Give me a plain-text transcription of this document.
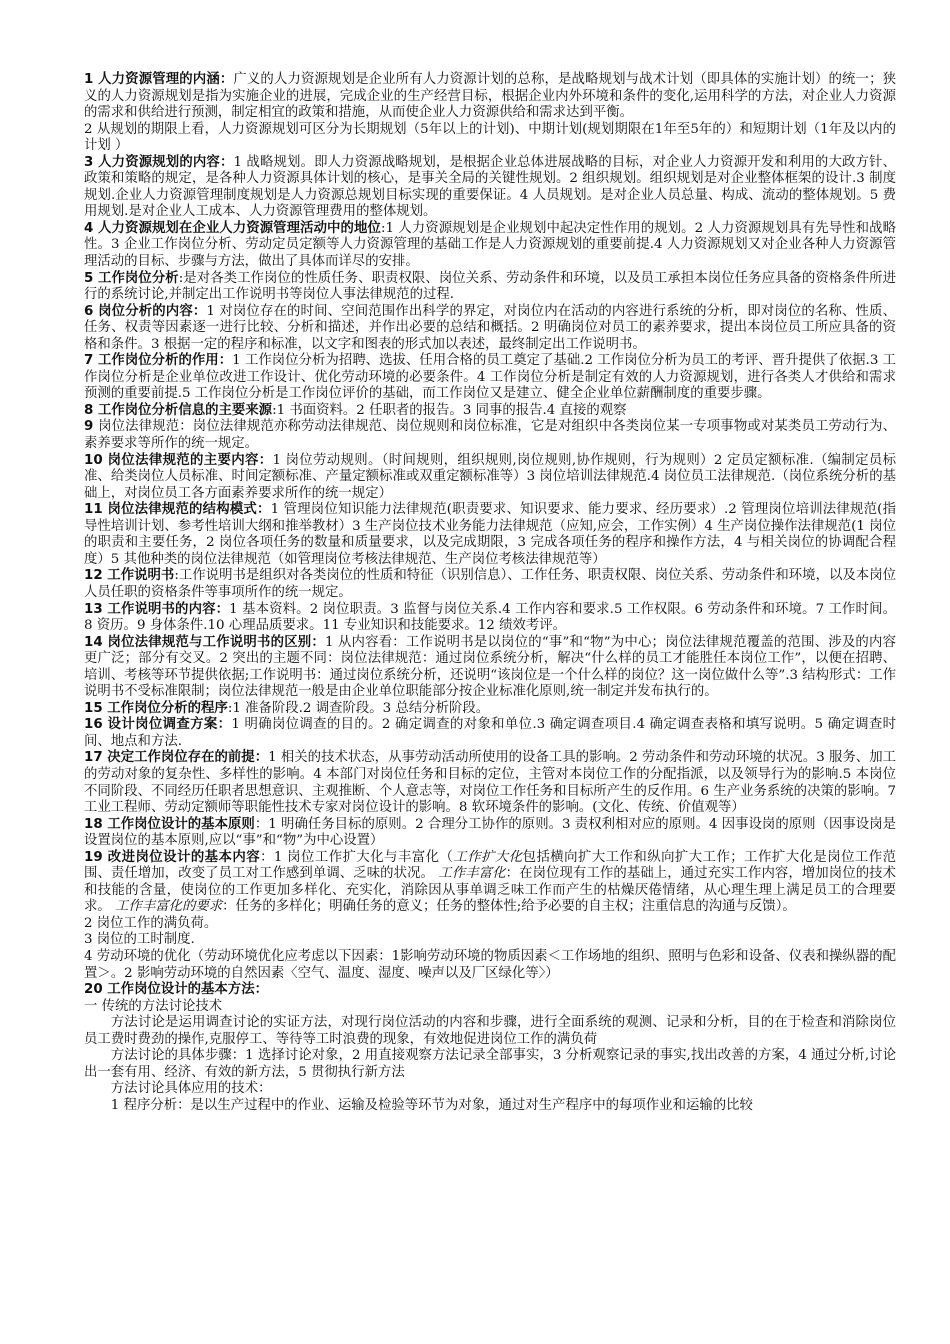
1 人力资源管理的内涵：广义的人力资源规划是企业所有人力资源计划的总称，是战略规划与战术计划（即具体的实施计划）的统一；狭义的人力资源规划是指为实施企业的进展，完成企业的生产经营目标，根据企业内外环境和条件的变化,运用科学的方法，对企业人力资源的需求和供给进行预测，制定相宜的政策和措施，从而使企业人力资源供给和需求达到平衡。

2 从规划的期限上看，人力资源规划可区分为长期规划（5年以上的计划)、中期计划(规划期限在1年至5年的）和短期计划（1年及以内的计划 ）

3 人力资源规划的内容：1 战略规划。即人力资源战略规划，是根据企业总体进展战略的目标，对企业人力资源开发和利用的大政方针、政策和策略的规定，是各种人力资源具体计划的核心，是事关全局的关键性规划。2 组织规划。组织规划是对企业整体框架的设计.3 制度规划.企业人力资源管理制度规划是人力资源总规划目标实现的重要保证。4 人员规划。是对企业人员总量、构成、流动的整体规划。5 费用规划.是对企业人工成本、人力资源管理费用的整体规划。

4 人力资源规划在企业人力资源管理活动中的地位:1 人力资源规划是企业规划中起决定性作用的规划。2 人力资源规划具有先导性和战略性。3 企业工作岗位分析、劳动定员定额等人力资源管理的基础工作是人力资源规划的重要前提.4 人力资源规划又对企业各种人力资源管理活动的目标、步骤与方法，做出了具体而详尽的安排。

5 工作岗位分析:是对各类工作岗位的性质任务、职责权限、岗位关系、劳动条件和环境，以及员工承担本岗位任务应具备的资格条件所进行的系统讨论,并制定出工作说明书等岗位人事法律规范的过程.

6 岗位分析的内容：1 对岗位存在的时间、空间范围作出科学的界定，对岗位内在活动的内容进行系统的分析，即对岗位的名称、性质、任务、权责等因素逐一进行比较、分析和描述，并作出必要的总结和概括。2 明确岗位对员工的素养要求，提出本岗位员工所应具备的资格和条件。3 根据一定的程序和标准，以文字和图表的形式加以表述，最终制定出工作说明书。

7 工作岗位分析的作用：1 工作岗位分析为招聘、选拔、任用合格的员工奠定了基础.2 工作岗位分析为员工的考评、晋升提供了依据.3 工作岗位分析是企业单位改进工作设计、优化劳动环境的必要条件。4 工作岗位分析是制定有效的人力资源规划，进行各类人才供给和需求预测的重要前提.5 工作岗位分析是工作岗位评价的基础，而工作岗位又是建立、健全企业单位薪酬制度的重要步骤。

8 工作岗位分析信息的主要来源:1 书面资料。2 任职者的报告。3 同事的报告.4 直接的观察

9 岗位法律规范：岗位法律规范亦称劳动法律规范、岗位规则和岗位标准，它是对组织中各类岗位某一专项事物或对某类员工劳动行为、素养要求等所作的统一规定。

10 岗位法律规范的主要内容：1 岗位劳动规则。（时间规则，组织规则,岗位规则,协作规则，行为规则）2 定员定额标准.（编制定员标准、给类岗位人员标准、时间定额标准、产量定额标准或双重定额标准等）3 岗位培训法律规范.4 岗位员工法律规范.（岗位系统分析的基础上，对岗位员工各方面素养要求所作的统一规定）

11 岗位法律规范的结构模式：1 管理岗位知识能力法律规范(职责要求、知识要求、能力要求、经历要求）.2 管理岗位培训法律规范(指导性培训计划、参考性培训大纲和推举教材）3 生产岗位技术业务能力法律规范（应知,应会，工作实例）4 生产岗位操作法律规范(1 岗位的职责和主要任务，2 岗位各项任务的数量和质量要求，以及完成期限，3 完成各项任务的程序和操作方法，4 与相关岗位的协调配合程度）5 其他种类的岗位法律规范（如管理岗位考核法律规范、生产岗位考核法律规范等）

12 工作说明书:工作说明书是组织对各类岗位的性质和特征（识别信息）、工作任务、职责权限、岗位关系、劳动条件和环境，以及本岗位人员任职的资格条件等事项所作的统一规定。

13 工作说明书的内容：1 基本资料。2 岗位职责。3 监督与岗位关系.4 工作内容和要求.5 工作权限。6 劳动条件和环境。7 工作时间。8 资历。9 身体条件.10 心理品质要求。11 专业知识和技能要求。12 绩效考评。

14 岗位法律规范与工作说明书的区别：1 从内容看：工作说明书是以岗位的“事”和“物”为中心；岗位法律规范覆盖的范围、涉及的内容更广泛；部分有交叉。2 突出的主题不同：岗位法律规范：通过岗位系统分析，解决“什么样的员工才能胜任本岗位工作”，以便在招聘、培训、考核等环节提供依据;工作说明书：通过岗位系统分析，还说明“该岗位是一个什么样的岗位？这一岗位做什么等”.3 结构形式：工作说明书不受标准限制；岗位法律规范一般是由企业单位职能部分按企业标准化原则,统一制定并发布执行的。

15 工作岗位分析的程序:1 准备阶段.2 调查阶段。3 总结分析阶段。

16 设计岗位调查方案：1 明确岗位调查的目的。2 确定调查的对象和单位.3 确定调查项目.4 确定调查表格和填写说明。5 确定调查时间、地点和方法.

17 决定工作岗位存在的前提：1 相关的技术状态，从事劳动活动所使用的设备工具的影响。2 劳动条件和劳动环境的状况。3 服务、加工的劳动对象的复杂性、多样性的影响。4 本部门对岗位任务和目标的定位，主管对本岗位工作的分配指派，以及领导行为的影响.5 本岗位不同阶段、不同经历任职者思想意识、主观推断、个人意志等，对岗位工作任务和目标所产生的反作用。6 生产业务系统的决策的影响。7 工业工程师、劳动定额师等职能性技术专家对岗位设计的影响。8 软环境条件的影响。(文化、传统、价值观等）

18 工作岗位设计的基本原则：1 明确任务目标的原则。2 合理分工协作的原则。3 责权利相对应的原则。4 因事设岗的原则（因事设岗是设置岗位的基本原则,应以“事”和“物”为中心设置）

19 改进岗位设计的基本内容：1 岗位工作扩大化与丰富化（工作扩大化包括横向扩大工作和纵向扩大工作；工作扩大化是岗位工作范围、责任增加，改变了员工对工作感到单调、乏味的状况。 工作丰富化：在岗位现有工作的基础上，通过充实工作内容，增加岗位的技术和技能的含量，使岗位的工作更加多样化、充实化，消除因从事单调乏味工作而产生的枯燥厌倦情绪，从心理生理上满足员工的合理要求。 工作丰富化的要求：任务的多样化；明确任务的意义；任务的整体性;给予必要的自主权；注重信息的沟通与反馈）。

2 岗位工作的满负荷。

3 岗位的工时制度.

4 劳动环境的优化（劳动环境优化应考虑以下因素：1影响劳动环境的物质因素＜工作场地的组织、照明与色彩和设备、仪表和操纵器的配置＞。2 影响劳动环境的自然因素〈空气、温度、湿度、噪声以及厂区绿化等〉）

20 工作岗位设计的基本方法：

一 传统的方法讨论技术

方法讨论是运用调查讨论的实证方法，对现行岗位活动的内容和步骤，进行全面系统的观测、记录和分析，目的在于检查和消除岗位员工费时费劲的操作,克服停工、等待等工时浪费的现象，有效地促进岗位工作的满负荷

方法讨论的具体步骤：1 选择讨论对象，2 用直接观察方法记录全部事实，3 分析观察记录的事实,找出改善的方案，4 通过分析,讨论出一套有用、经济、有效的新方法，5 贯彻执行新方法

方法讨论具体应用的技术：

1 程序分析：是以生产过程中的作业、运输及检验等环节为对象，通过对生产程序中的每项作业和运输的比较
